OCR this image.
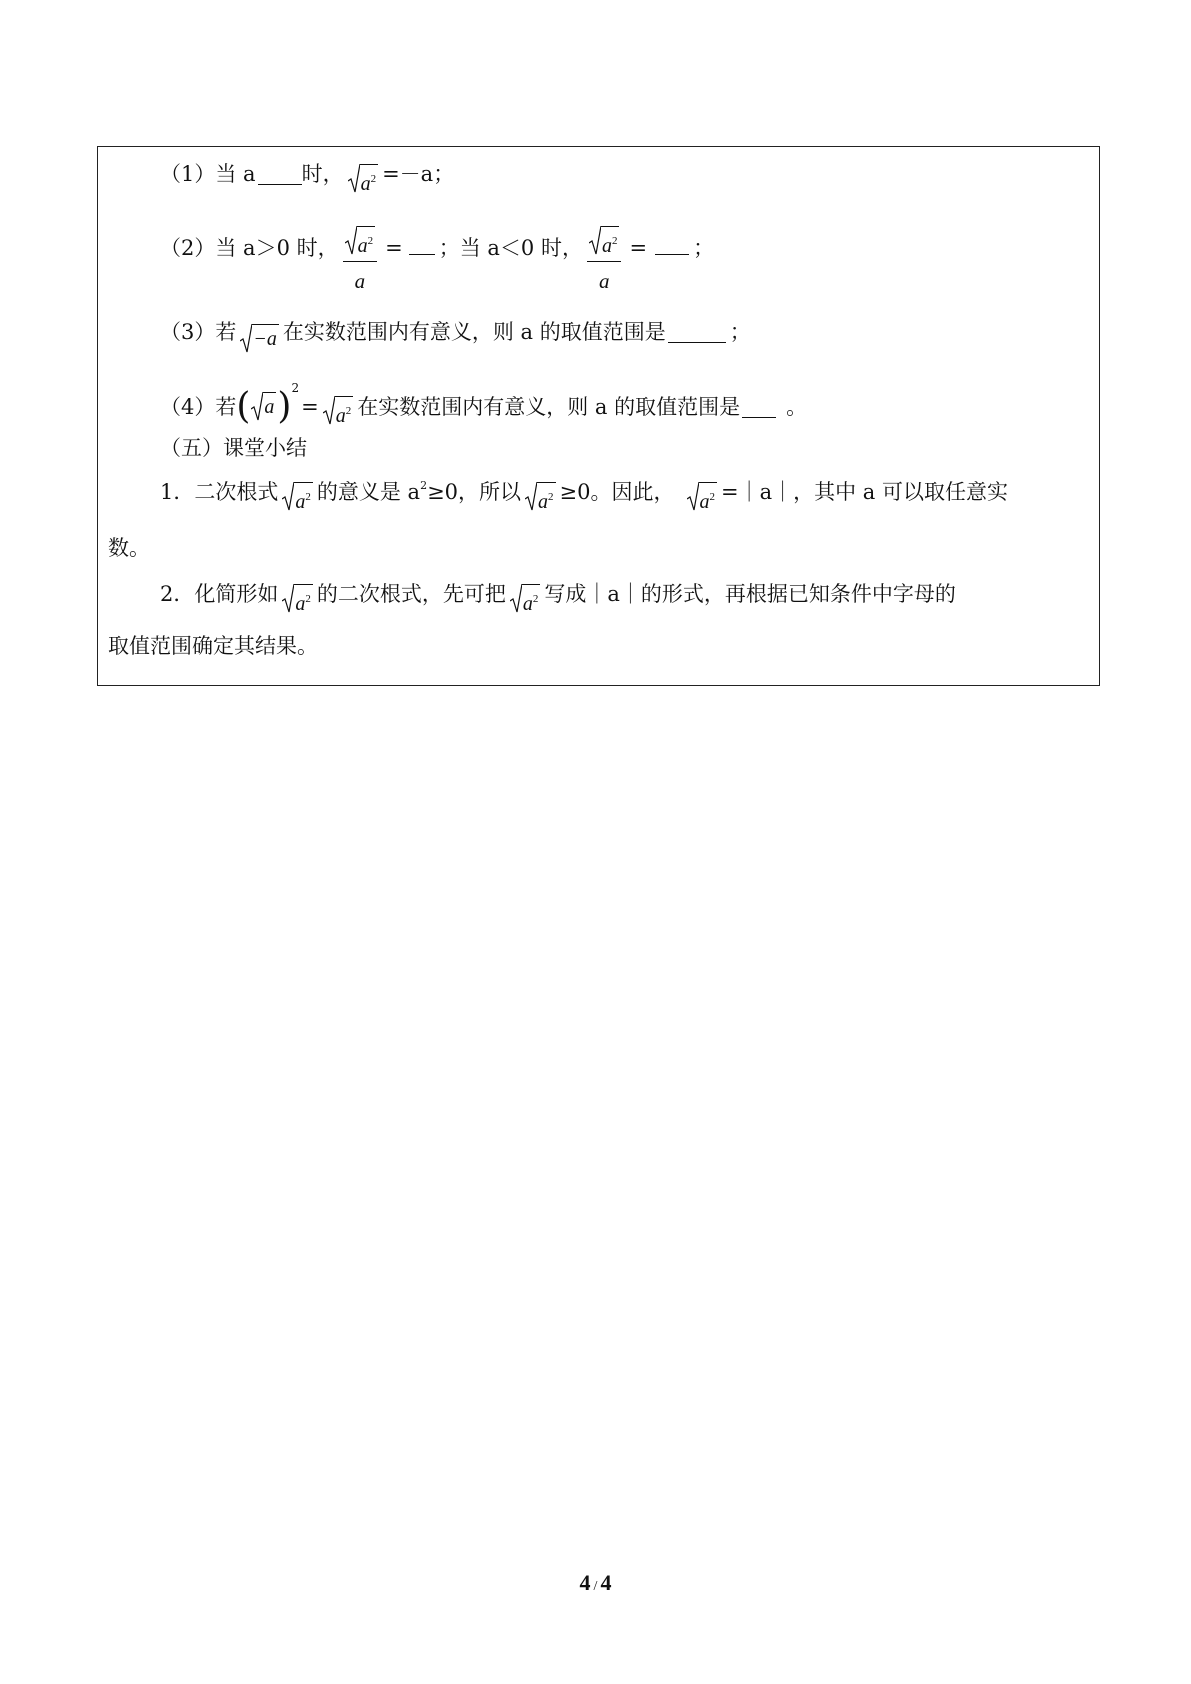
（1） 当 a 时， $a^2 =-a$；
（2） 当 a＞0 时， $\frac{a^2}{a}$ = ；当 a＜0 时， $\frac{a^2}{a}$ = ；
（3） 若 −a 在实数范围内有意义，则 a 的取值范围是	；
（4） 若 ( a )$^2$
= $a^2$ 在实数范围内有意义，则 a 的取值范围是 。
（五）课堂小结
1．二次根式 $a^2$ 的意义是 $a^2 \ge 0$，所以 $a^2 \ge 0$。因此， $a^2$ =｜a｜，其中 a 可以取任意实
数。
2．化简形如 $a^2$ 的二次根式，先可把 $a^2$ 写成｜a｜的形式，再根据已知条件中字母的
取值范围确定其结果。
4 / 4
